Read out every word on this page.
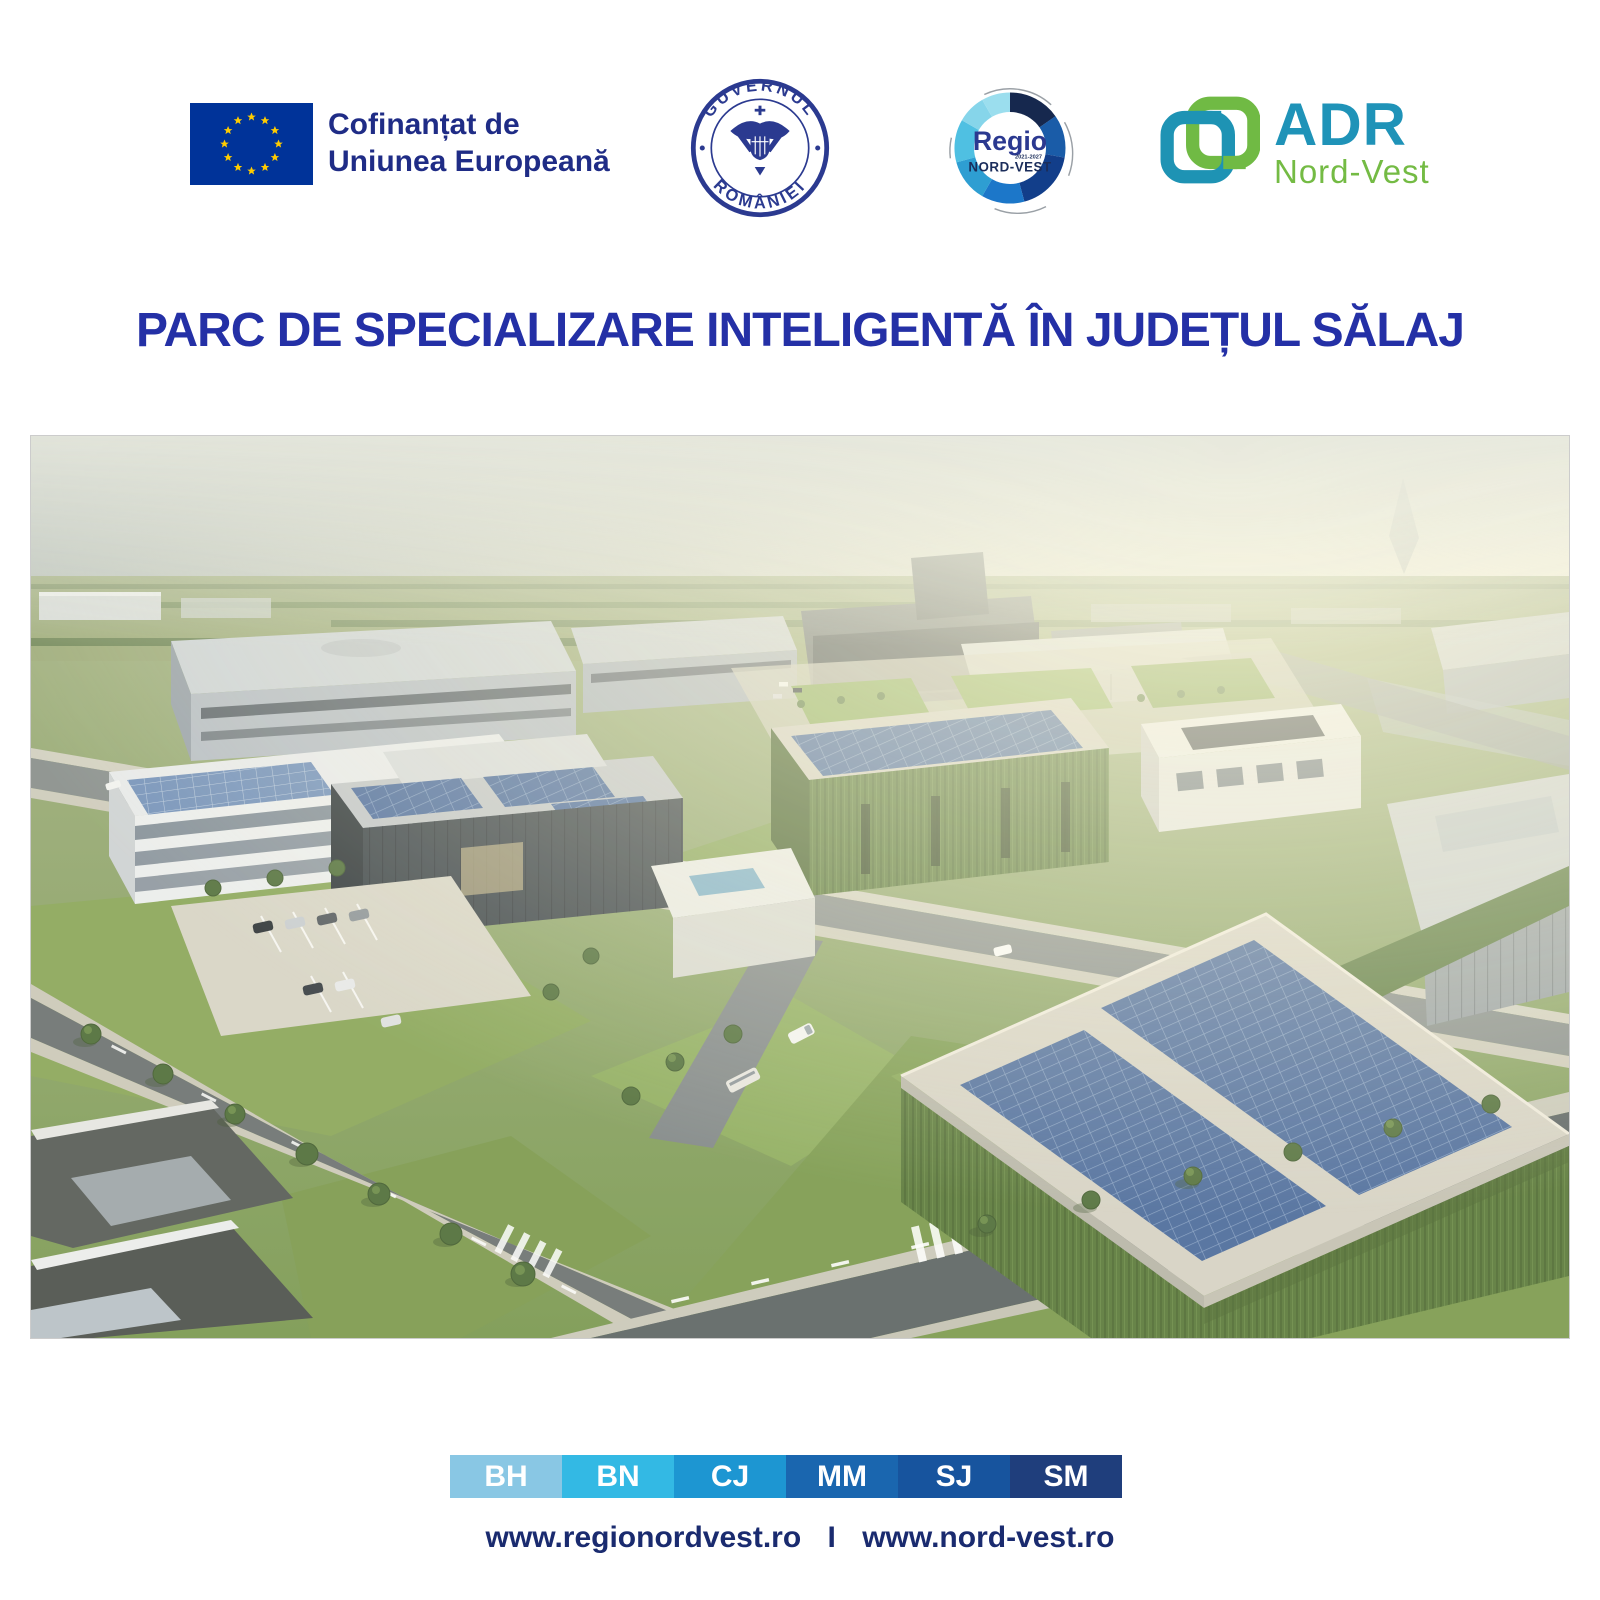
Cofinanțat de
Uniunea Europeană
GUVERNUL
ROMÂNIEI
Regio
2021-2027
NORD-VEST
ADR
Nord-Vest
PARC DE SPECIALIZARE INTELIGENTĂ ÎN JUDEȚUL SĂLAJ
BH	BN	CJ	MM	SJ	SM
www.regionordvest.ro I www.nord-vest.ro
